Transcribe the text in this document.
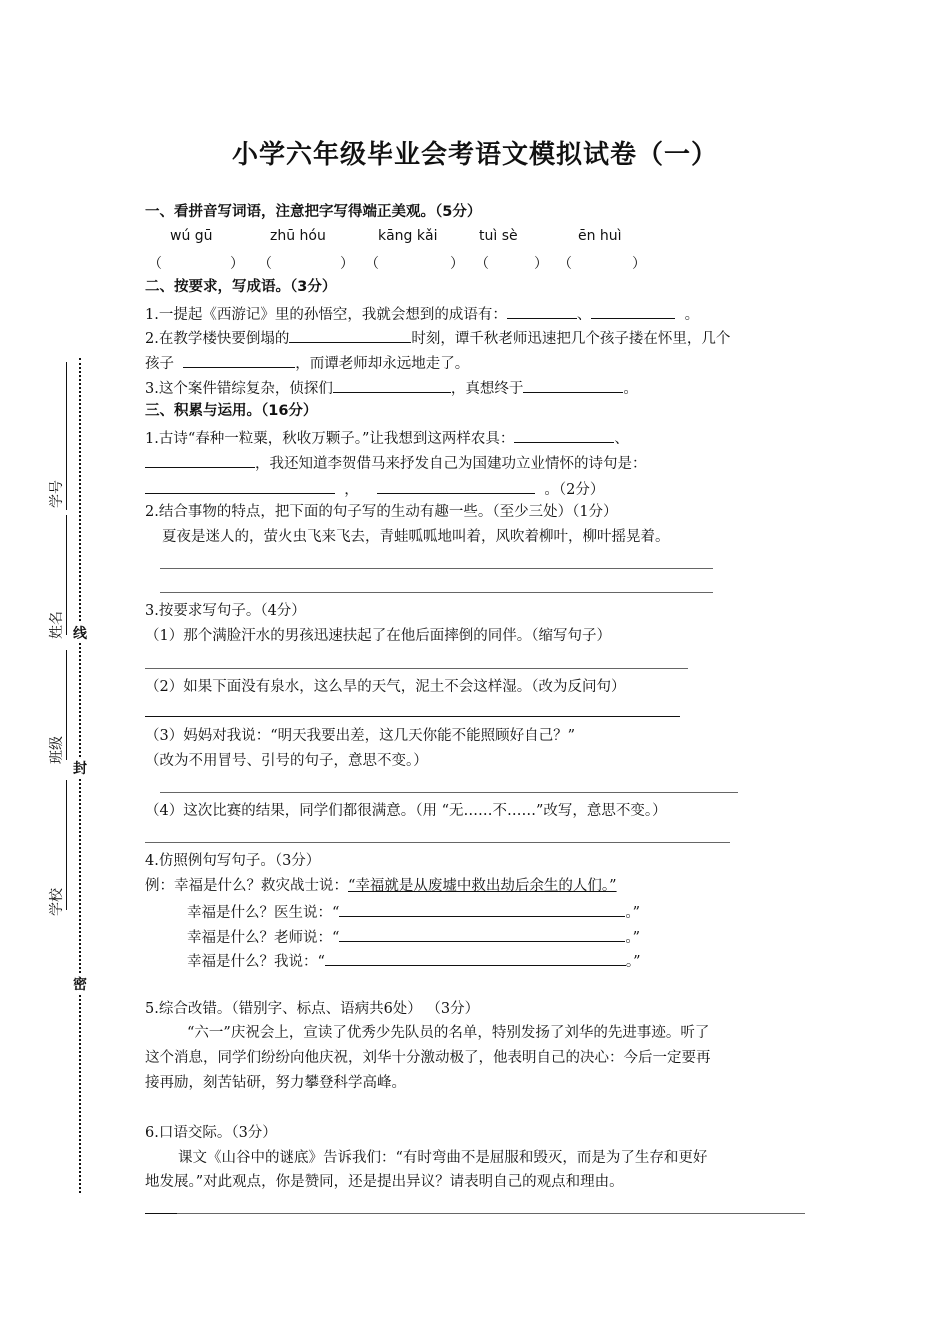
学号
姓名
班级
学校
线
封
密
小学六年级毕业会考语文模拟试卷（一）
一、看拼音写词语，注意把字写得端正美观。（5分）
wú gū	zhū hóu	kāng kǎi	tuì sè	ēn huì
（	） （	） （	） （	） （	）
二、按要求，写成语。（3分）
1.一提起《西游记》里的孙悟空，我就会想到的成语有：	、	。
2.在教学楼快要倒塌的	时刻，谭千秋老师迅速把几个孩子搂在怀里，几个
孩子	，而谭老师却永远地走了。
3.这个案件错综复杂，侦探们	，真想终于	。
三、积累与运用。（16分）
1.古诗“春种一粒粟，秋收万颗子。”让我想到这两样农具：	、
，我还知道李贺借马来抒发自己为国建功立业情怀的诗句是：
，	。（2分）
2.结合事物的特点，把下面的句子写的生动有趣一些。（至少三处）（1分）
夏夜是迷人的，萤火虫飞来飞去，青蛙呱呱地叫着，风吹着柳叶，柳叶摇晃着。
3.按要求写句子。（4分）
（1）那个满脸汗水的男孩迅速扶起了在他后面摔倒的同伴。（缩写句子）
（2）如果下面没有泉水，这么旱的天气，泥土不会这样湿。（改为反问句）
（3）妈妈对我说：“明天我要出差，这几天你能不能照顾好自己？”
（改为不用冒号、引号的句子，意思不变。）
（4）这次比赛的结果，同学们都很满意。（用 “无……不……”改写，意思不变。）
4.仿照例句写句子。（3分）
例：幸福是什么？救灾战士说：“幸福就是从废墟中救出劫后余生的人们。”
幸福是什么？医生说：“	。”
幸福是什么？老师说：“	。”
幸福是什么？我说：“	。”
5.综合改错。（错别字、标点、语病共6处） （3分）
“六一”庆祝会上，宣读了优秀少先队员的名单，特别发扬了刘华的先进事迹。听了
这个消息，同学们纷纷向他庆祝，刘华十分激动极了，他表明自己的决心：今后一定要再
接再励，刻苦钻研，努力攀登科学高峰。
6.口语交际。（3分）
课文《山谷中的谜底》告诉我们：“有时弯曲不是屈服和毁灭，而是为了生存和更好
地发展。”对此观点，你是赞同，还是提出异议？请表明自己的观点和理由。
